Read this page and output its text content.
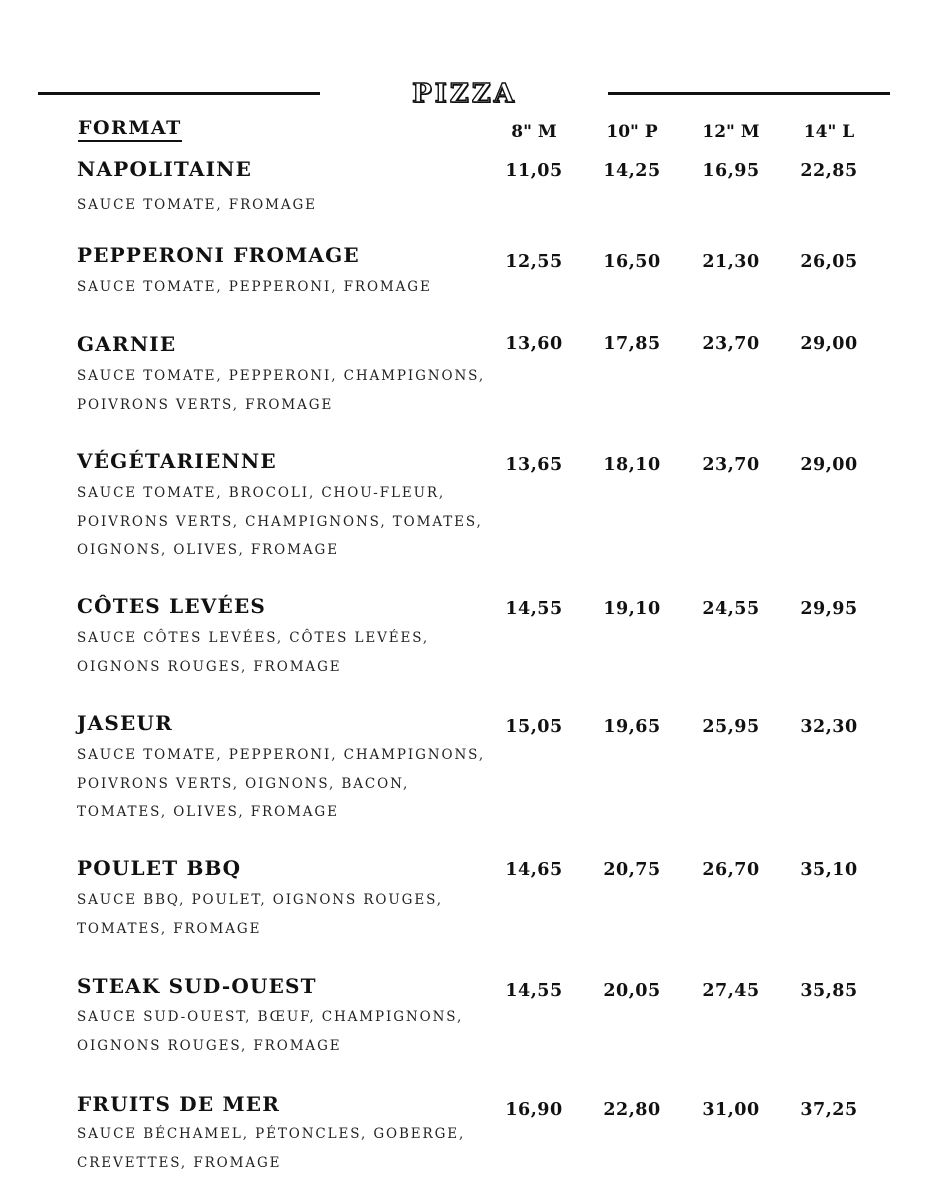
PIZZA
FORMAT	8" M	10" P	12" M	14" L
NAPOLITAINE
SAUCE TOMATE, FROMAGE
11,05	14,25	16,95	22,85
PEPPERONI FROMAGE
SAUCE TOMATE, PEPPERONI, FROMAGE
12,55	16,50	21,30	26,05
GARNIE
SAUCE TOMATE, PEPPERONI, CHAMPIGNONS,
POIVRONS VERTS, FROMAGE
13,60	17,85	23,70	29,00
VÉGÉTARIENNE
SAUCE TOMATE, BROCOLI, CHOU-FLEUR,
POIVRONS VERTS, CHAMPIGNONS, TOMATES,
OIGNONS, OLIVES, FROMAGE
13,65	18,10	23,70	29,00
CÔTES LEVÉES
SAUCE CÔTES LEVÉES, CÔTES LEVÉES,
OIGNONS ROUGES, FROMAGE
14,55	19,10	24,55	29,95
JASEUR
SAUCE TOMATE, PEPPERONI, CHAMPIGNONS,
POIVRONS VERTS, OIGNONS, BACON,
TOMATES, OLIVES, FROMAGE
15,05	19,65	25,95	32,30
POULET BBQ
SAUCE BBQ, POULET, OIGNONS ROUGES,
TOMATES, FROMAGE
14,65	20,75	26,70	35,10
STEAK SUD-OUEST
SAUCE SUD-OUEST, BŒUF, CHAMPIGNONS,
OIGNONS ROUGES, FROMAGE
14,55	20,05	27,45	35,85
FRUITS DE MER
SAUCE BÉCHAMEL, PÉTONCLES, GOBERGE,
CREVETTES, FROMAGE
16,90	22,80	31,00	37,25
